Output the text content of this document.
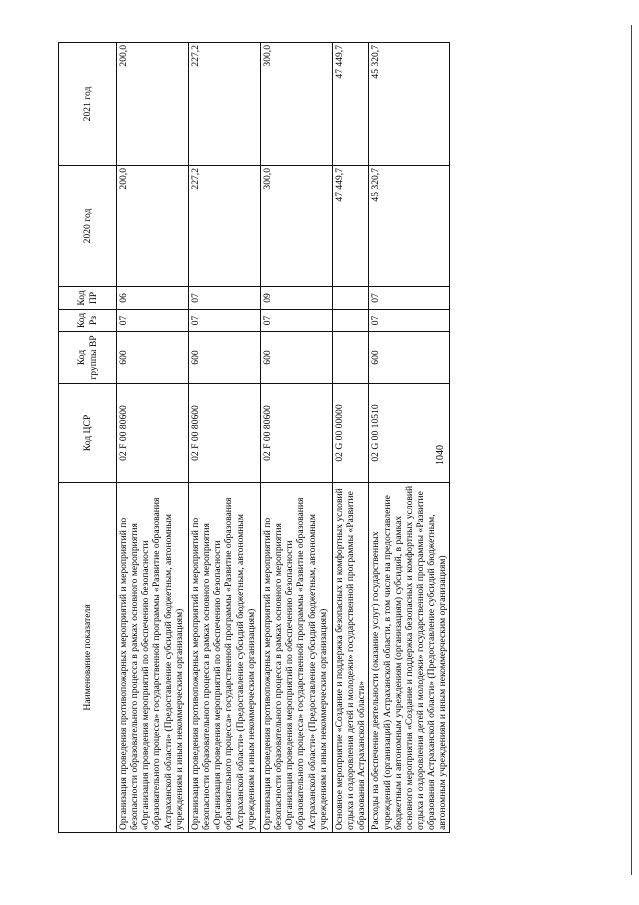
1040
Наименование показателя	Код ЦСР	Код группы ВР	Код Рз	Код ПР	2020 год	2021 год
Организация проведения противопожарных мероприятий и мероприятий по безопасности образовательного процесса в рамках основного мероприятия «Организация проведения мероприятий по обеспечению безопасности образовательного процесса» государственной программы «Развитие образования Астраханской области» (Предоставление субсидий бюджетным, автономным учреждениям и иным некоммерческим организациям)	02 F 00 80600	600	07	06	200,0	200,0
Организация проведения противопожарных мероприятий и мероприятий по безопасности образовательного процесса в рамках основного мероприятия «Организация проведения мероприятий по обеспечению безопасности образовательного процесса» государственной программы «Развитие образования Астраханской области» (Предоставление субсидий бюджетным, автономным учреждениям и иным некоммерческим организациям)	02 F 00 80600	600	07	07	227,2	227,2
Организация проведения противопожарных мероприятий и мероприятий по безопасности образовательного процесса в рамках основного мероприятия «Организация проведения мероприятий по обеспечению безопасности образовательного процесса» государственной программы «Развитие образования Астраханской области» (Предоставление субсидий бюджетным, автономным учреждениям и иным некоммерческим организациям)	02 F 00 80600	600	07	09	300,0	300,0
Основное мероприятие «Создание и поддержка безопасных и комфортных условий отдыха и оздоровления детей и молодежи» государственной программы «Развитие образования Астраханской области»	02 G 00 00000				47 449,7	47 449,7
Расходы на обеспечение деятельности (оказание услуг) государственных учреждений (организаций) Астраханской области, в том числе на предоставление бюджетным и автономным учреждениям (организациям) субсидий, в рамках основного мероприятия «Создание и поддержка безопасных и комфортных условий отдыха и оздоровления детей и молодежи» государственной программы «Развитие образования Астраханской области» (Предоставление субсидий бюджетным, автономным учреждениям и иным некоммерческим организациям)	02 G 00 10510	600	07	07	45 320,7	45 320,7
